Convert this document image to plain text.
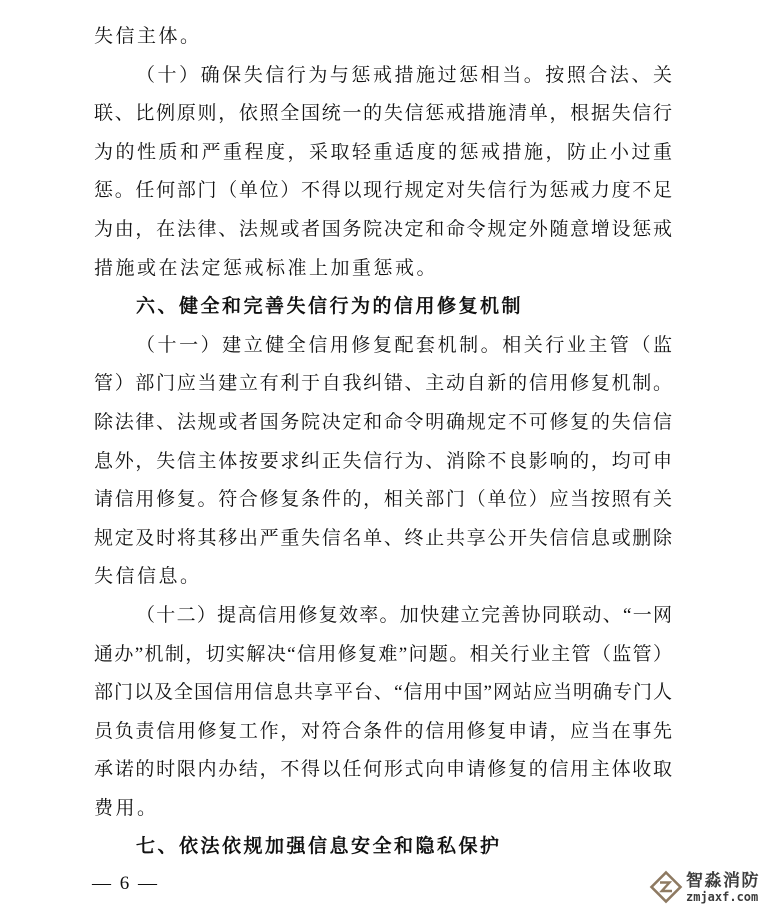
失信主体。
（十）确保失信行为与惩戒措施过惩相当。按照合法、关
联、比例原则，依照全国统一的失信惩戒措施清单，根据失信行
为的性质和严重程度，采取轻重适度的惩戒措施，防止小过重
惩。任何部门（单位）不得以现行规定对失信行为惩戒力度不足
为由，在法律、法规或者国务院决定和命令规定外随意增设惩戒
措施或在法定惩戒标准上加重惩戒。
六、健全和完善失信行为的信用修复机制
（十一）建立健全信用修复配套机制。相关行业主管（监
管）部门应当建立有利于自我纠错、主动自新的信用修复机制。
除法律、法规或者国务院决定和命令明确规定不可修复的失信信
息外，失信主体按要求纠正失信行为、消除不良影响的，均可申
请信用修复。符合修复条件的，相关部门（单位）应当按照有关
规定及时将其移出严重失信名单、终止共享公开失信信息或删除
失信信息。
（十二）提高信用修复效率。加快建立完善协同联动、“一网
通办”机制，切实解决“信用修复难”问题。相关行业主管（监管）
部门以及全国信用信息共享平台、“信用中国”网站应当明确专门人
员负责信用修复工作，对符合条件的信用修复申请，应当在事先
承诺的时限内办结，不得以任何形式向申请修复的信用主体收取
费用。
七、依法依规加强信息安全和隐私保护
— 6 —	智淼消防
zmjaxf.com
